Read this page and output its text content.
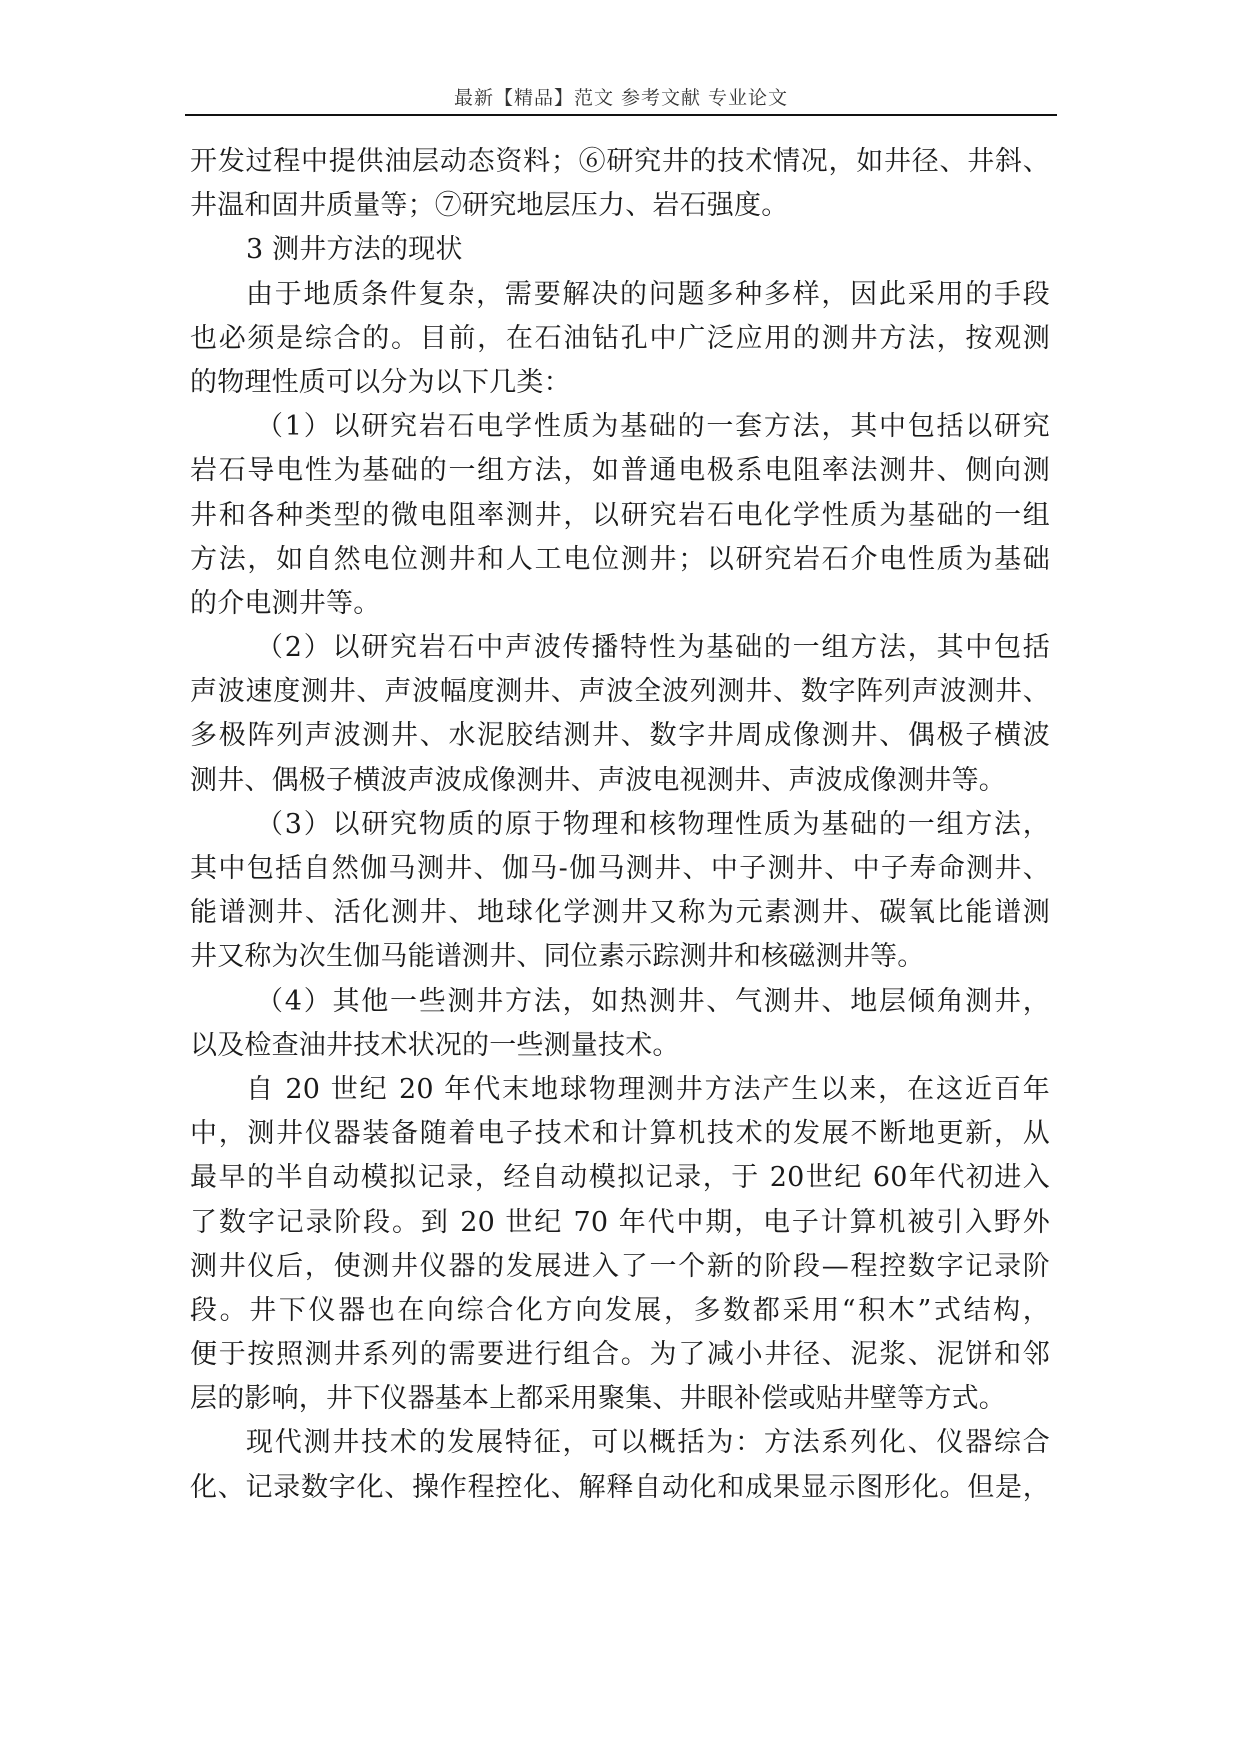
最新【精品】范文 参考文献 专业论文
开发过程中提供油层动态资料；⑥研究井的技术情况，如井径、井斜、
井温和固井质量等；⑦研究地层压力、岩石强度。
3 测井方法的现状
由于地质条件复杂，需要解决的问题多种多样，因此采用的手段
也必须是综合的。目前，在石油钻孔中广泛应用的测井方法，按观测
的物理性质可以分为以下几类：
（1）以研究岩石电学性质为基础的一套方法，其中包括以研究
岩石导电性为基础的一组方法，如普通电极系电阻率法测井、侧向测
井和各种类型的微电阻率测井，以研究岩石电化学性质为基础的一组
方法，如自然电位测井和人工电位测井；以研究岩石介电性质为基础
的介电测井等。
（2）以研究岩石中声波传播特性为基础的一组方法，其中包括
声波速度测井、声波幅度测井、声波全波列测井、数字阵列声波测井、
多极阵列声波测井、水泥胶结测井、数字井周成像测井、偶极子横波
测井、偶极子横波声波成像测井、声波电视测井、声波成像测井等。
（3）以研究物质的原于物理和核物理性质为基础的一组方法，
其中包括自然伽马测井、伽马-伽马测井、中子测井、中子寿命测井、
能谱测井、活化测井、地球化学测井又称为元素测井、碳氧比能谱测
井又称为次生伽马能谱测井、同位素示踪测井和核磁测井等。
（4）其他一些测井方法，如热测井、气测井、地层倾角测井，
以及检查油井技术状况的一些测量技术。
自 20 世纪 20 年代末地球物理测井方法产生以来，在这近百年
中，测井仪器装备随着电子技术和计算机技术的发展不断地更新，从
最早的半自动模拟记录，经自动模拟记录，于 20世纪 60年代初进入
了数字记录阶段。到 20 世纪 70 年代中期，电子计算机被引入野外
测井仪后，使测井仪器的发展进入了一个新的阶段—程控数字记录阶
段。井下仪器也在向综合化方向发展，多数都采用“积木”式结构，
便于按照测井系列的需要进行组合。为了减小井径、泥浆、泥饼和邻
层的影响，井下仪器基本上都采用聚集、井眼补偿或贴井壁等方式。
现代测井技术的发展特征，可以概括为：方法系列化、仪器综合
化、记录数字化、操作程控化、解释自动化和成果显示图形化。但是，
